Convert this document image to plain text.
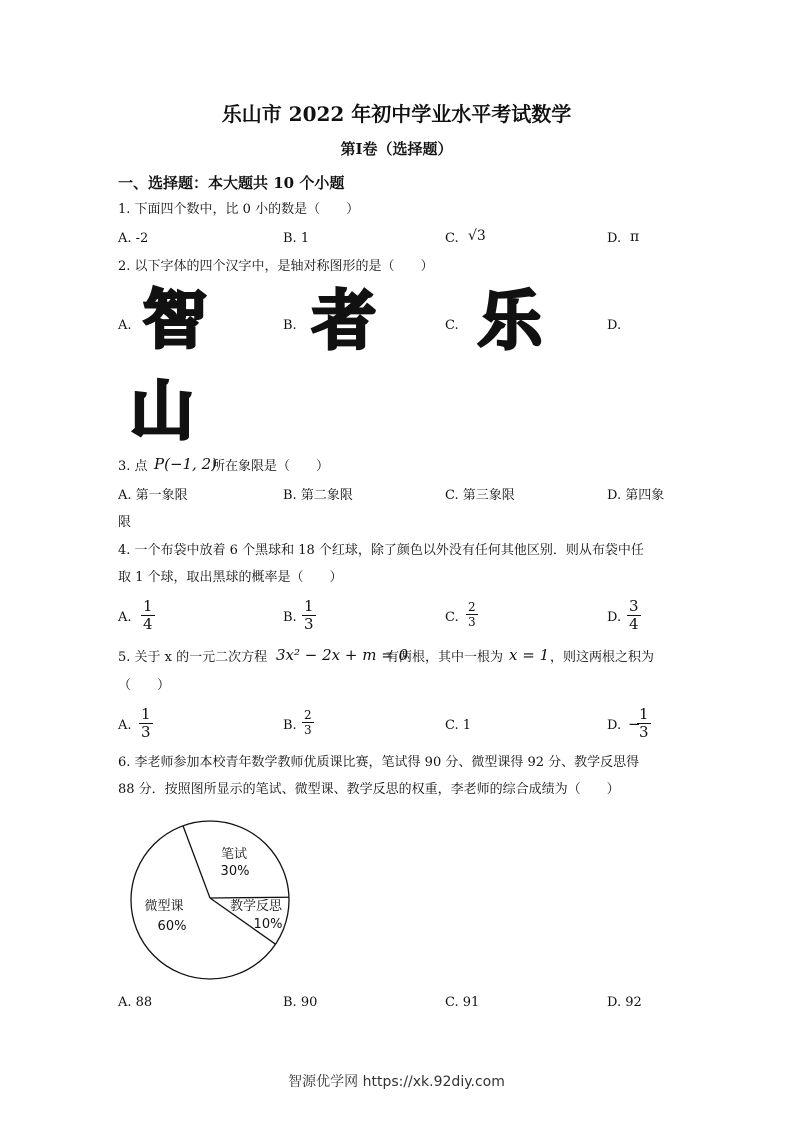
乐山市 2022 年初中学业水平考试数学
第Ⅰ卷（选择题）
一、选择题：本大题共 10 个小题
1. 下面四个数中，比 0 小的数是（　　）
A. -2	B. 1	C. √3	D. π
2. 以下字体的四个汉字中，是轴对称图形的是（　　）
A. 智	B. 者	C. 乐	D.
山
3. 点 P(−1, 2)
所在象限是（　　）
A. 第一象限	B. 第二象限	C. 第三象限	D. 第四象
限
4. 一个布袋中放着 6 个黑球和 18 个红球，除了颜色以外没有任何其他区别．则从布袋中任
取 1 个球，取出黑球的概率是（　　）
A. $\frac{1}{4}$	B. $\frac{1}{3}$	C. $\frac{2}{3}$	D. $\frac{3}{4}$
5. 关于 x 的一元二次方程 3x² − 2x + m = 0
有两根，其中一根为 x = 1 ，则这两根之积为
（　　）
A. $\frac{1}{3}$	B. $\frac{2}{3}$	C. 1	D. −
$\frac{1}{3}$
6. 李老师参加本校青年数学教师优质课比赛，笔试得 90 分、微型课得 92 分、教学反思得
88 分．按照图所显示的笔试、微型课、教学反思的权重，李老师的综合成绩为（　　）
笔试
30%
微型课
60%
教学反思
10%
A. 88	B. 90	C. 91	D. 92
智源优学网 https://xk.92diy.com
